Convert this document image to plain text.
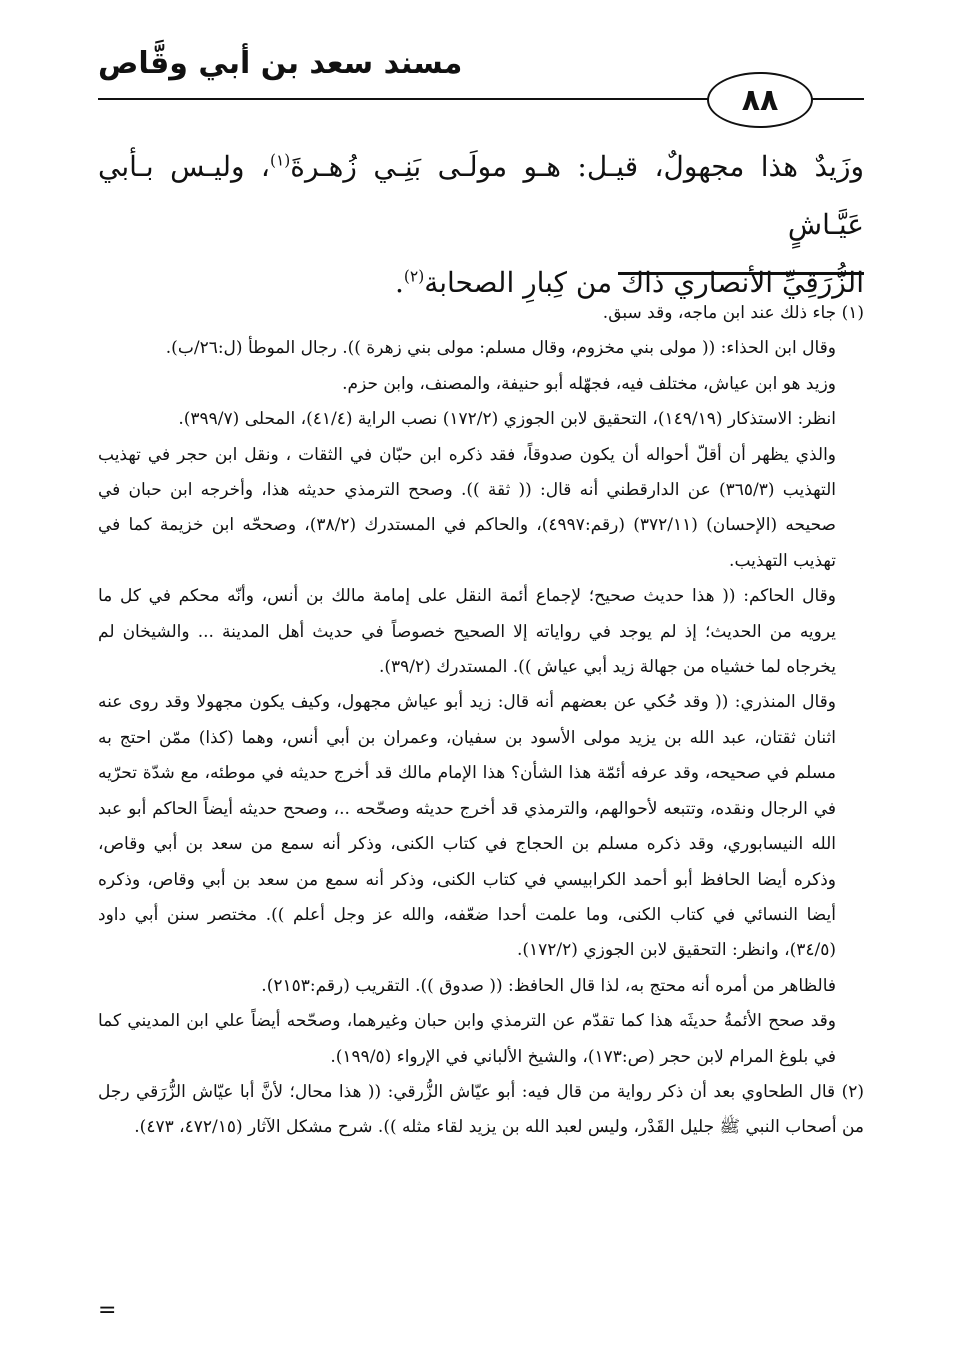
مسند سعد بن أبي وقَّاص
٨٨

وزَيدٌ هذا مجهولٌ، قيـل: هـو مولَـى بَنِـي زُهـرةَ$^{(١)}$، وليـس بـأبي عَيَّـاشٍ

الزُّرَقِيِّ الأنصاري ذاك من كِبارِ الصحابة$^{(٢)}$.

(١) جاء ذلك عند ابن ماجه، وقد سبق.

وقال ابن الحذاء: (( مولى بني مخزوم، وقال مسلم: مولى بني زهرة )). رجال الموطأ (ل:٢٦/ب).

وزيد هو ابن عياش، مختلف فيه، فجهّله أبو حنيفة، والمصنف، وابن حزم.

انظر: الاستذكار (١٤٩/١٩)، التحقيق لابن الجوزي (١٧٢/٢) نصب الراية (٤١/٤)، المحلى (٣٩٩/٧).

والذي يظهر أن أقلّ أحواله أن يكون صدوقاً، فقد ذكره ابن حبّان في الثقات ، ونقل ابن حجر في تهذيب التهذيب (٣٦٥/٣) عن الدارقطني أنه قال: (( ثقة )). وصحح الترمذي حديثه هذا، وأخرجه ابن حبان في صحيحه (الإحسان) (٣٧٢/١١) (رقم:٤٩٩٧)، والحاكم في المستدرك (٣٨/٢)، وصححّه ابن خزيمة كما في تهذيب التهذيب.

وقال الحاكم: (( هذا حديث صحيح؛ لإجماع أئمة النقل على إمامة مالك بن أنس، وأنّه محكم في كل ما يرويه من الحديث؛ إذ لم يوجد في رواياته إلا الصحيح خصوصاً في حديث أهل المدينة ... والشيخان لم يخرجاه لما خشياه من جهالة زيد أبي عياش )). المستدرك (٣٩/٢).

وقال المنذري: (( وقد حُكي عن بعضهم أنه قال: زيد أبو عياش مجهول، وكيف يكون مجهولا وقد روى عنه اثنان ثقتان، عبد الله بن يزيد مولى الأسود بن سفيان، وعمران بن أبي أنس، وهما (كذا) ممّن احتج به مسلم في صحيحه، وقد عرفه أئمّة هذا الشأن؟ هذا الإمام مالك قد أخرج حديثه في موطئه، مع شدّة تحرّيه في الرجال ونقده، وتتبعه لأحوالهم، والترمذي قد أخرج حديثه وصحّحه ..، وصحح حديثه أيضاً الحاكم أبو عبد الله النيسابوري، وقد ذكره مسلم بن الحجاج في كتاب الكنى، وذكر أنه سمع من سعد بن أبي وقاص، وذكره أيضا الحافظ أبو أحمد الكرابيسي في كتاب الكنى، وذكر أنه سمع من سعد بن أبي وقاص، وذكره أيضا النسائي في كتاب الكنى، وما علمت أحدا ضعّفه، والله عز وجل أعلم )). مختصر سنن أبي داود (٣٤/٥)، وانظر: التحقيق لابن الجوزي (١٧٢/٢).

فالظاهر من أمره أنه محتج به، لذا قال الحافظ: (( صدوق )). التقريب (رقم:٢١٥٣).

وقد صحح الأئمةُ حديثَه هذا كما تقدّم عن الترمذي وابن حبان وغيرهما، وصحّحه أيضاً علي ابن المديني كما في بلوغ المرام لابن حجر (ص:١٧٣)، والشيخ الألباني في الإرواء (١٩٩/٥).

(٢) قال الطحاوي بعد أن ذكر رواية من قال فيه: أبو عيّاش الزُّرقي: (( هذا محال؛ لأنَّ أبا عيّاش الزُّرَقي رجل من أصحاب النبي ﷺ جليل القَدْر، وليس لعبد الله بن يزيد لقاء مثله )). شرح مشكل الآثار (٤٧٢/١٥، ٤٧٣).

=
